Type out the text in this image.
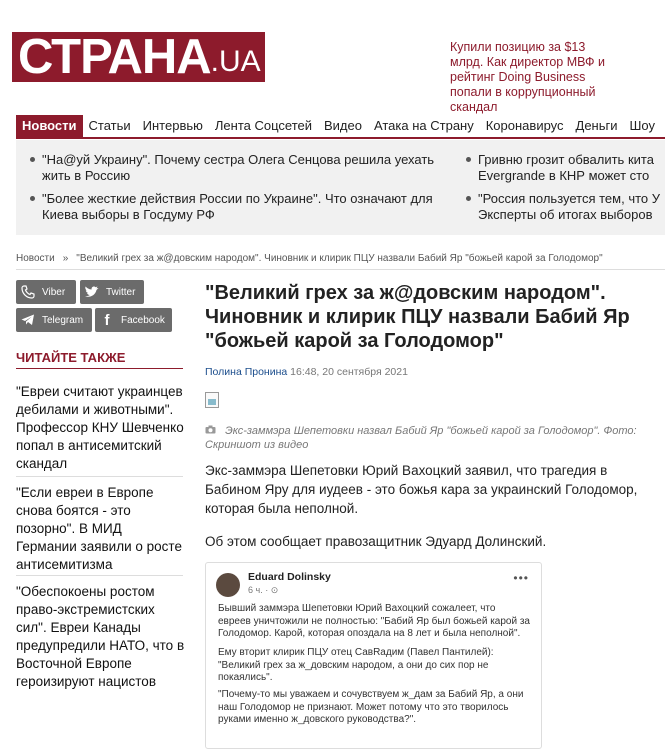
СТРАНА . UA	Купили позицию за $13 млрд. Как директор МВФ и рейтинг Doing Business попали в коррупционный скандал
Новости Статьи Интервью Лента Соцсетей Видео Атака на Страну Коронавирус Деньги Шоу
"На@уй Украину". Почему сестра Олега Сенцова решила уехать жить в Россию
Гривню грозит обвалить кита Evergrande в КНР может сто
"Более жесткие действия России по Украине". Что означают для Киева выборы в Госдуму РФ
"Россия пользуется тем, что У Эксперты об итогах выборов
Новости » "Великий грех за ж@довским народом". Чиновник и клирик ПЦУ назвали Бабий Яр "божьей карой за Голодомор"
Viber	Twitter
Telegram f Facebook
ЧИТАЙТЕ ТАКЖЕ
"Евреи считают украинцев дебилами и животными". Профессор КНУ Шевченко попал в антисемитский скандал
"Если евреи в Европе снова боятся - это позорно". В МИД Германии заявили о росте антисемитизма
"Обеспокоены ростом право-экстремистских сил". Евреи Канады предупредили НАТО, что в Восточной Европе героизируют нацистов
"Великий грех за ж@довским народом". Чиновник и клирик ПЦУ назвали Бабий Яр "божьей карой за Голодомор"
Полина Пронина 16:48, 20 сентября 2021
Экс-заммэра Шепетовки назвал Бабий Яр "божьей карой за Голодомор". Фото: Скриншот из видео

Экс-заммэра Шепетовки Юрий Вахоцкий заявил, что трагедия в Бабином Яру для иудеев - это божья кара за украинский Голодомор, которая была неполной.

Об этом сообщает правозащитник Эдуард Долинский.

Eduard Dolinsky
6 ч. · ⊙
•••

Бывший заммэра Шепетовки Юрий Вахоцкий сожалеет, что евреев уничтожили не полностью: "Бабий Яр был божьей карой за Голодомор. Карой, которая опоздала на 8 лет и была неполной".

Ему вторит клирик ПЦУ отец СавRадим (Павел Пантилей): "Великий грех за ж_довским народом, а они до сих пор не покаялись".

"Почему-то мы уважаем и сочувствуем ж_дам за Бабий Яр, а они наш Голодомор не признают. Может потому что это творилось руками именно ж_довского руководства?".
